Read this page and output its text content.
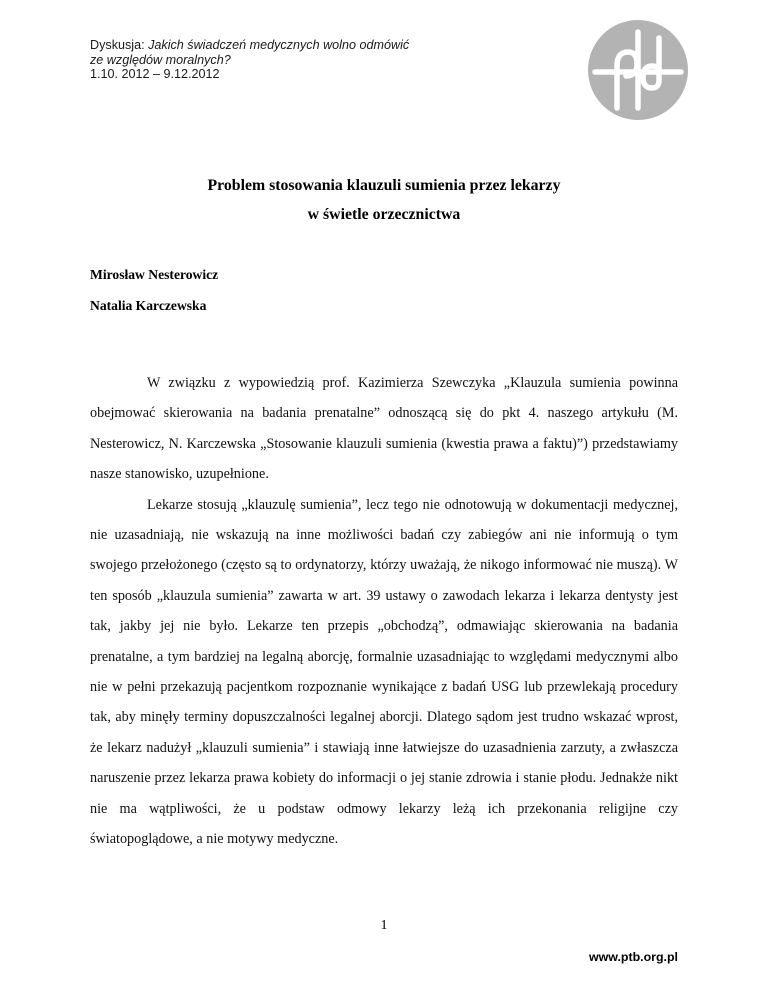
Dyskusja: Jakich świadczeń medycznych wolno odmówić
ze względów moralnych?
1.10. 2012 – 9.12.2012
Problem stosowania klauzuli sumienia przez lekarzy
w świetle orzecznictwa
Mirosław Nesterowicz
Natalia Karczewska

W związku z wypowiedzią prof. Kazimierza Szewczyka „Klauzula sumienia powinna obejmować skierowania na badania prenatalne” odnoszącą się do pkt 4. naszego artykułu (M. Nesterowicz, N. Karczewska „Stosowanie klauzuli sumienia (kwestia prawa a faktu)”) przedstawiamy nasze stanowisko, uzupełnione.

Lekarze stosują „klauzulę sumienia”, lecz tego nie odnotowują w dokumentacji medycznej, nie uzasadniają, nie wskazują na inne możliwości badań czy zabiegów ani nie informują o tym swojego przełożonego (często są to ordynatorzy, którzy uważają, że nikogo informować nie muszą). W ten sposób „klauzula sumienia” zawarta w art. 39 ustawy o zawodach lekarza i lekarza dentysty jest tak, jakby jej nie było. Lekarze ten przepis „obchodzą”, odmawiając skierowania na badania prenatalne, a tym bardziej na legalną aborcję, formalnie uzasadniając to względami medycznymi albo nie w pełni przekazują pacjentkom rozpoznanie wynikające z badań USG lub przewlekają procedury tak, aby minęły terminy dopuszczalności legalnej aborcji. Dlatego sądom jest trudno wskazać wprost, że lekarz nadużył „klauzuli sumienia” i stawiają inne łatwiejsze do uzasadnienia zarzuty, a zwłaszcza naruszenie przez lekarza prawa kobiety do informacji o jej stanie zdrowia i stanie płodu. Jednakże nikt nie ma wątpliwości, że u podstaw odmowy lekarzy leżą ich przekonania religijne czy światopoglądowe, a nie motywy medyczne.

1
www.ptb.org.pl
